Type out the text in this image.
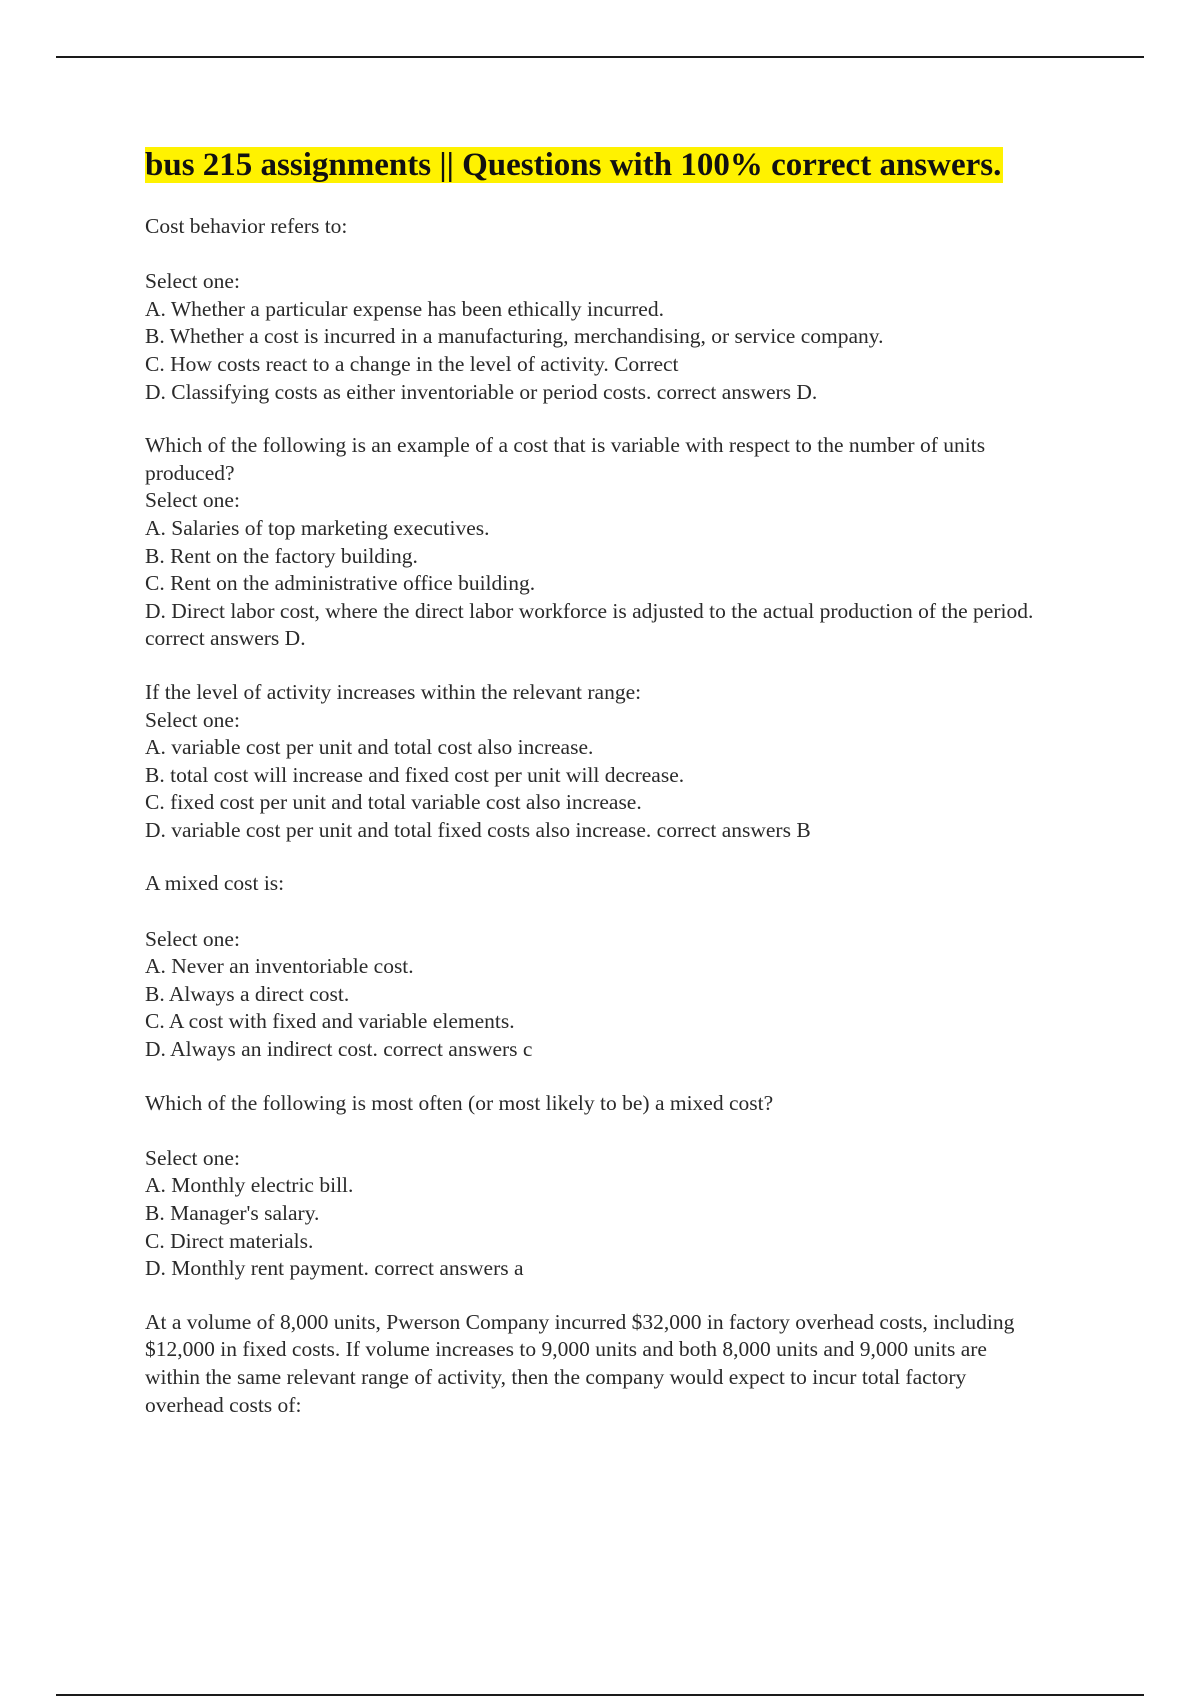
bus 215 assignments || Questions with 100% correct answers.
Cost behavior refers to:
Select one:
A. Whether a particular expense has been ethically incurred.
B. Whether a cost is incurred in a manufacturing, merchandising, or service company.
C. How costs react to a change in the level of activity. Correct
D. Classifying costs as either inventoriable or period costs. correct answers D.
Which of the following is an example of a cost that is variable with respect to the number of units produced?
Select one:
A. Salaries of top marketing executives.
B. Rent on the factory building.
C. Rent on the administrative office building.
D. Direct labor cost, where the direct labor workforce is adjusted to the actual production of the period. correct answers D.
If the level of activity increases within the relevant range:
Select one:
A. variable cost per unit and total cost also increase.
B. total cost will increase and fixed cost per unit will decrease.
C. fixed cost per unit and total variable cost also increase.
D. variable cost per unit and total fixed costs also increase. correct answers B
A mixed cost is:
Select one:
A. Never an inventoriable cost.
B. Always a direct cost.
C. A cost with fixed and variable elements.
D. Always an indirect cost. correct answers c
Which of the following is most often (or most likely to be) a mixed cost?
Select one:
A. Monthly electric bill.
B. Manager's salary.
C. Direct materials.
D. Monthly rent payment. correct answers a
At a volume of 8,000 units, Pwerson Company incurred $32,000 in factory overhead costs, including $12,000 in fixed costs. If volume increases to 9,000 units and both 8,000 units and 9,000 units are within the same relevant range of activity, then the company would expect to incur total factory overhead costs of:
